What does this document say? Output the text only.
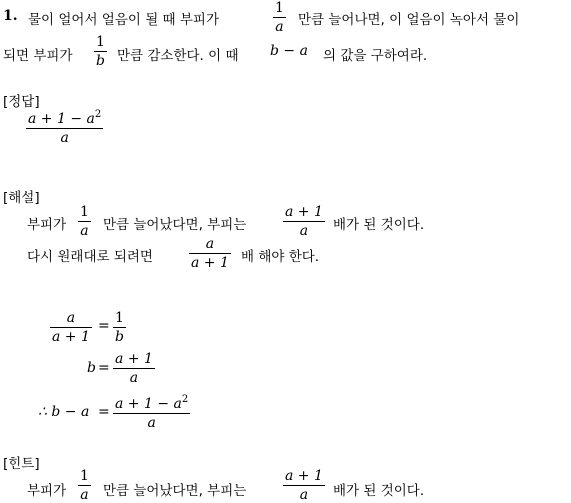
1. 물이 얼어서 얼음이 될 때 부피가	$\frac{1}{a}$ 만큼 늘어나면, 이 얼음이 녹아서 물이
되면 부피가 $\frac{1}{b}$ 만큼 감소한다. 이 때 b − a 의 값을 구하여라.
[정답]
$\frac{a + 1 - a^2}{a}$
[해설]
부피가 $\frac{1}{a}$ 만큼 늘어났다면, 부피는	$\frac{a + 1}{a}$ 배가 된 것이다.
다시 원래대로 되려면	$\frac{a}{a + 1}$ 배 해야 한다.
$\frac{a}{a + 1} = \frac{1}{b}$
$b = \frac{a + 1}{a}$
∴ $b - a = \frac{a + 1 - a^2}{a}$
[힌트]
부피가 $\frac{1}{a}$ 만큼 늘어났다면, 부피는	$\frac{a + 1}{a}$ 배가 된 것이다.
